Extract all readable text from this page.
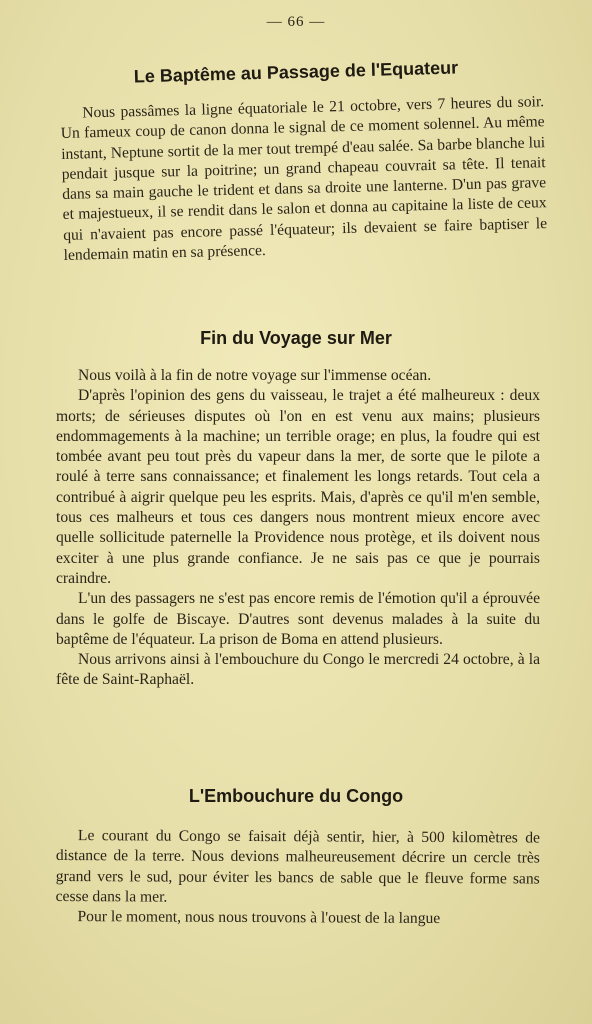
— 66 —
Le Baptême au Passage de l'Equateur

Nous passâmes la ligne équatoriale le 21 octobre, vers 7 heures du soir. Un fameux coup de canon donna le signal de ce moment solennel. Au même instant, Neptune sortit de la mer tout trempé d'eau salée. Sa barbe blanche lui pendait jusque sur la poitrine; un grand chapeau couvrait sa tête. Il tenait dans sa main gauche le trident et dans sa droite une lanterne. D'un pas grave et majestueux, il se rendit dans le salon et donna au capitaine la liste de ceux qui n'avaient pas encore passé l'équateur; ils devaient se faire baptiser le lendemain matin en sa présence.

Fin du Voyage sur Mer

Nous voilà à la fin de notre voyage sur l'immense océan.

D'après l'opinion des gens du vaisseau, le trajet a été malheureux : deux morts; de sérieuses disputes où l'on en est venu aux mains; plusieurs endommagements à la machine; un terrible orage; en plus, la foudre qui est tombée avant peu tout près du vapeur dans la mer, de sorte que le pilote a roulé à terre sans connaissance; et finalement les longs retards. Tout cela a contribué à aigrir quelque peu les esprits. Mais, d'après ce qu'il m'en semble, tous ces malheurs et tous ces dangers nous montrent mieux encore avec quelle sollicitude paternelle la Providence nous protège, et ils doivent nous exciter à une plus grande confiance. Je ne sais pas ce que je pourrais craindre.

L'un des passagers ne s'est pas encore remis de l'émotion qu'il a éprouvée dans le golfe de Biscaye. D'autres sont devenus malades à la suite du baptême de l'équateur. La prison de Boma en attend plusieurs.

Nous arrivons ainsi à l'embouchure du Congo le mercredi 24 octobre, à la fête de Saint-Raphaël.

L'Embouchure du Congo

Le courant du Congo se faisait déjà sentir, hier, à 500 kilomètres de distance de la terre. Nous devions malheureusement décrire un cercle très grand vers le sud, pour éviter les bancs de sable que le fleuve forme sans cesse dans la mer.

Pour le moment, nous nous trouvons à l'ouest de la langue
